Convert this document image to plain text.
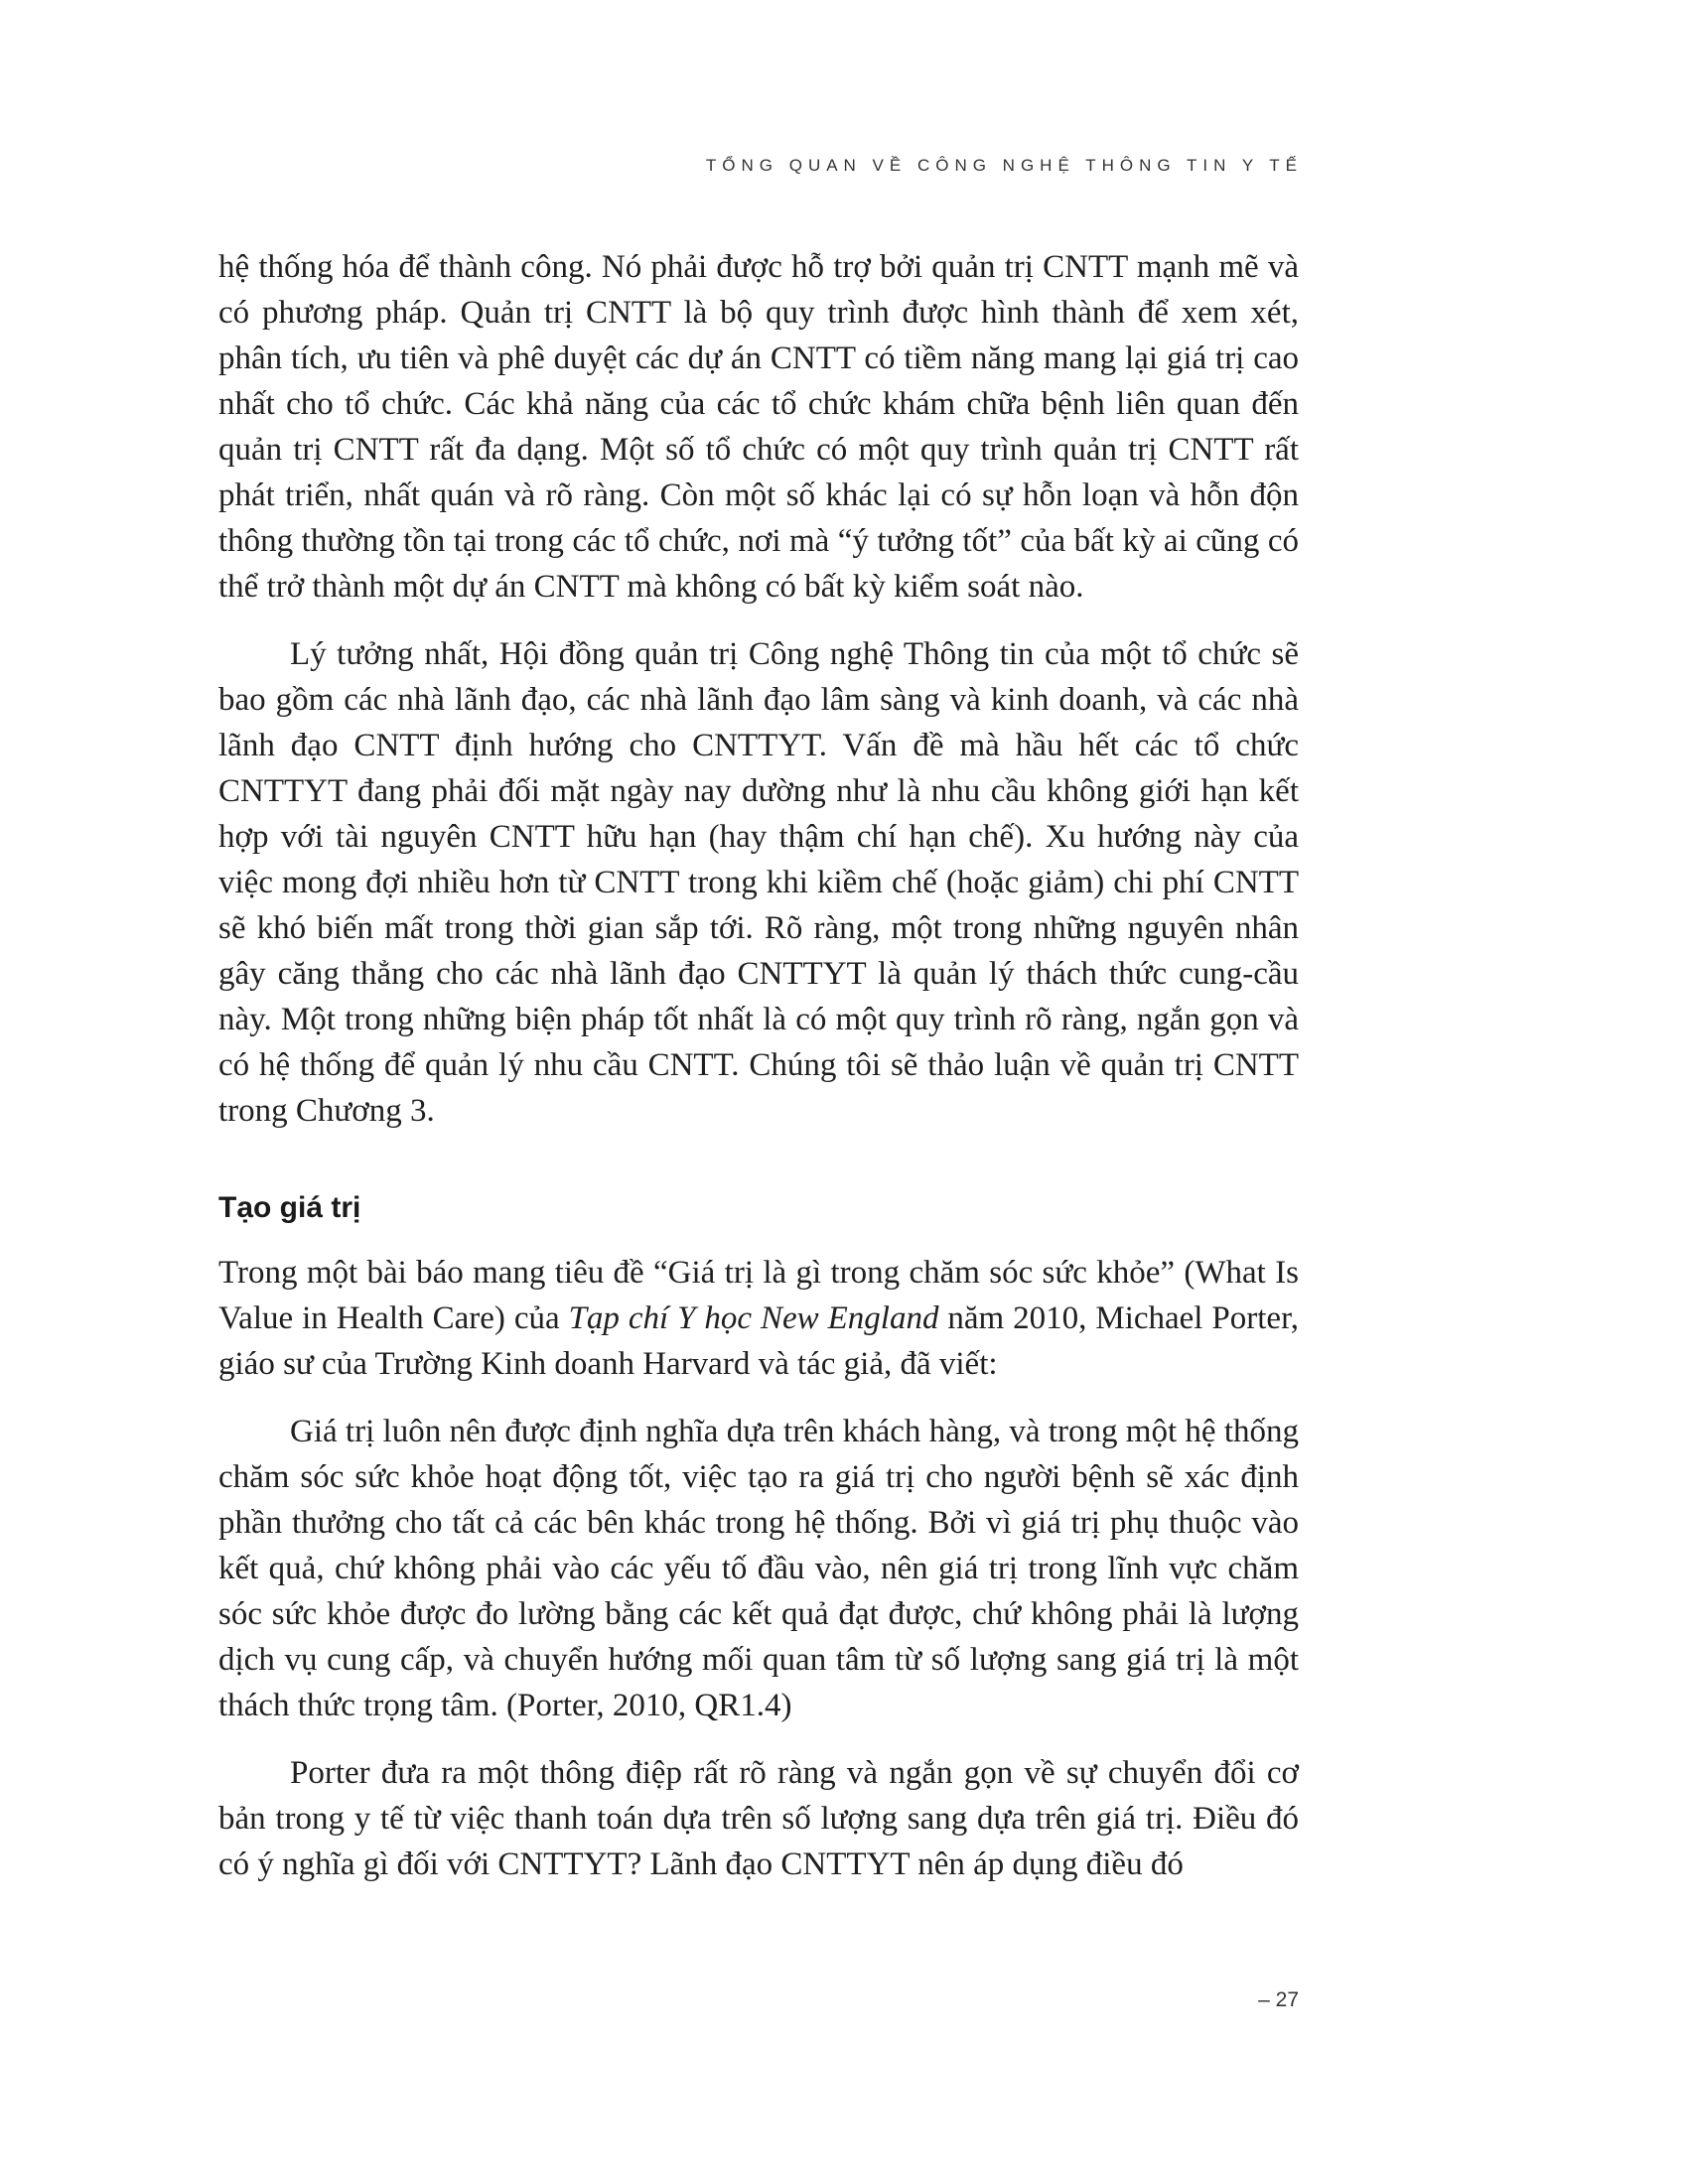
TỔNG QUAN VỀ CÔNG NGHỆ THÔNG TIN Y TẾ

hệ thống hóa để thành công. Nó phải được hỗ trợ bởi quản trị CNTT mạnh mẽ và có phương pháp. Quản trị CNTT là bộ quy trình được hình thành để xem xét, phân tích, ưu tiên và phê duyệt các dự án CNTT có tiềm năng mang lại giá trị cao nhất cho tổ chức. Các khả năng của các tổ chức khám chữa bệnh liên quan đến quản trị CNTT rất đa dạng. Một số tổ chức có một quy trình quản trị CNTT rất phát triển, nhất quán và rõ ràng. Còn một số khác lại có sự hỗn loạn và hỗn độn thông thường tồn tại trong các tổ chức, nơi mà “ý tưởng tốt” của bất kỳ ai cũng có thể trở thành một dự án CNTT mà không có bất kỳ kiểm soát nào.

Lý tưởng nhất, Hội đồng quản trị Công nghệ Thông tin của một tổ chức sẽ bao gồm các nhà lãnh đạo, các nhà lãnh đạo lâm sàng và kinh doanh, và các nhà lãnh đạo CNTT định hướng cho CNTTYT. Vấn đề mà hầu hết các tổ chức CNTTYT đang phải đối mặt ngày nay dường như là nhu cầu không giới hạn kết hợp với tài nguyên CNTT hữu hạn (hay thậm chí hạn chế). Xu hướng này của việc mong đợi nhiều hơn từ CNTT trong khi kiềm chế (hoặc giảm) chi phí CNTT sẽ khó biến mất trong thời gian sắp tới. Rõ ràng, một trong những nguyên nhân gây căng thẳng cho các nhà lãnh đạo CNTTYT là quản lý thách thức cung-cầu này. Một trong những biện pháp tốt nhất là có một quy trình rõ ràng, ngắn gọn và có hệ thống để quản lý nhu cầu CNTT. Chúng tôi sẽ thảo luận về quản trị CNTT trong Chương 3.

Tạo giá trị

Trong một bài báo mang tiêu đề “Giá trị là gì trong chăm sóc sức khỏe” (What Is Value in Health Care) của Tạp chí Y học New England năm 2010, Michael Porter, giáo sư của Trường Kinh doanh Harvard và tác giả, đã viết:

Giá trị luôn nên được định nghĩa dựa trên khách hàng, và trong một hệ thống chăm sóc sức khỏe hoạt động tốt, việc tạo ra giá trị cho người bệnh sẽ xác định phần thưởng cho tất cả các bên khác trong hệ thống. Bởi vì giá trị phụ thuộc vào kết quả, chứ không phải vào các yếu tố đầu vào, nên giá trị trong lĩnh vực chăm sóc sức khỏe được đo lường bằng các kết quả đạt được, chứ không phải là lượng dịch vụ cung cấp, và chuyển hướng mối quan tâm từ số lượng sang giá trị là một thách thức trọng tâm. (Porter, 2010, QR1.4)

Porter đưa ra một thông điệp rất rõ ràng và ngắn gọn về sự chuyển đổi cơ bản trong y tế từ việc thanh toán dựa trên số lượng sang dựa trên giá trị. Điều đó có ý nghĩa gì đối với CNTTYT? Lãnh đạo CNTTYT nên áp dụng điều đó

– 27
